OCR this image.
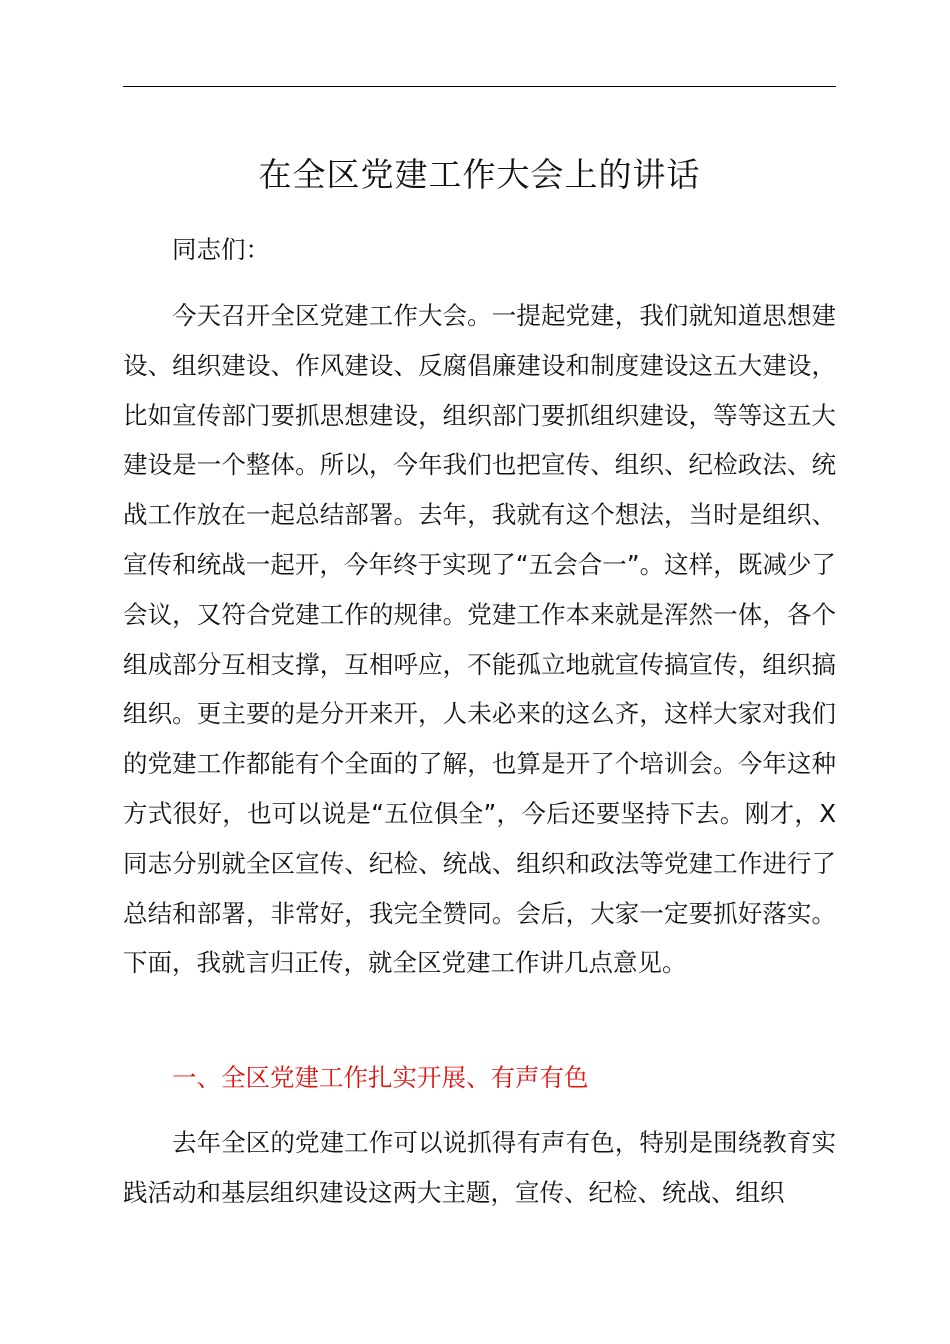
在全区党建工作大会上的讲话

同志们：

今天召开全区党建工作大会。一提起党建，我们就知道思想建设、组织建设、作风建设、反腐倡廉建设和制度建设这五大建设，比如宣传部门要抓思想建设，组织部门要抓组织建设，等等这五大建设是一个整体。所以，今年我们也把宣传、组织、纪检政法、统战工作放在一起总结部署。去年，我就有这个想法，当时是组织、宣传和统战一起开，今年终于实现了“五会合一”。这样，既减少了会议，又符合党建工作的规律。党建工作本来就是浑然一体，各个组成部分互相支撑，互相呼应，不能孤立地就宣传搞宣传，组织搞组织。更主要的是分开来开，人未必来的这么齐，这样大家对我们的党建工作都能有个全面的了解，也算是开了个培训会。今年这种方式很好，也可以说是“五位俱全”，今后还要坚持下去。刚才，X同志分别就全区宣传、纪检、统战、组织和政法等党建工作进行了总结和部署，非常好，我完全赞同。会后，大家一定要抓好落实。下面，我就言归正传，就全区党建工作讲几点意见。

一、全区党建工作扎实开展、有声有色

去年全区的党建工作可以说抓得有声有色，特别是围绕教育实践活动和基层组织建设这两大主题，宣传、纪检、统战、组织
